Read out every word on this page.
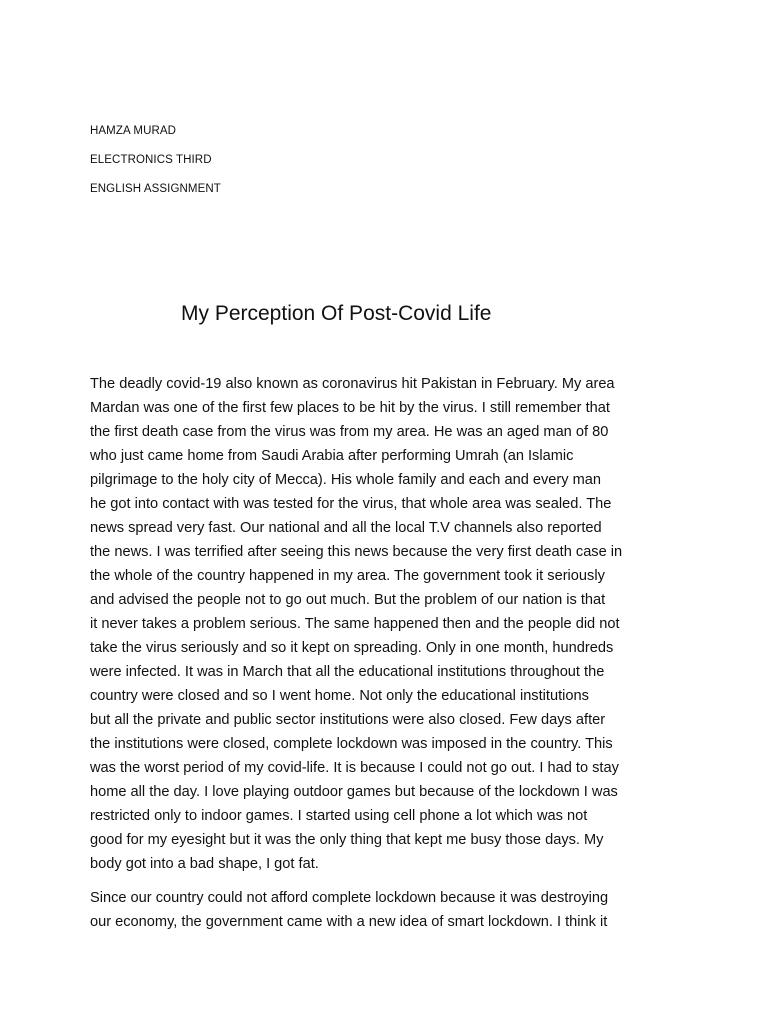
HAMZA MURAD
ELECTRONICS THIRD
ENGLISH ASSIGNMENT
My Perception Of Post-Covid Life
The deadly covid-19 also known as coronavirus hit Pakistan in February. My area
Mardan was one of the first few places to be hit by the virus. I still remember that
the first death case from the virus was from my area. He was an aged man of 80
who just came home from Saudi Arabia after performing Umrah (an Islamic
pilgrimage to the holy city of Mecca). His whole family and each and every man
he got into contact with was tested for the virus, that whole area was sealed. The
news spread very fast. Our national and all the local T.V channels also reported
the news. I was terrified after seeing this news because the very first death case in
the whole of the country happened in my area. The government took it seriously
and advised the people not to go out much. But the problem of our nation is that
it never takes a problem serious. The same happened then and the people did not
take the virus seriously and so it kept on spreading. Only in one month, hundreds
were infected. It was in March that all the educational institutions throughout the
country were closed and so I went home. Not only the educational institutions
but all the private and public sector institutions were also closed. Few days after
the institutions were closed, complete lockdown was imposed in the country. This
was the worst period of my covid-life. It is because I could not go out. I had to stay
home all the day. I love playing outdoor games but because of the lockdown I was
restricted only to indoor games. I started using cell phone a lot which was not
good for my eyesight but it was the only thing that kept me busy those days. My
body got into a bad shape, I got fat.
Since our country could not afford complete lockdown because it was destroying
our economy, the government came with a new idea of smart lockdown. I think it
